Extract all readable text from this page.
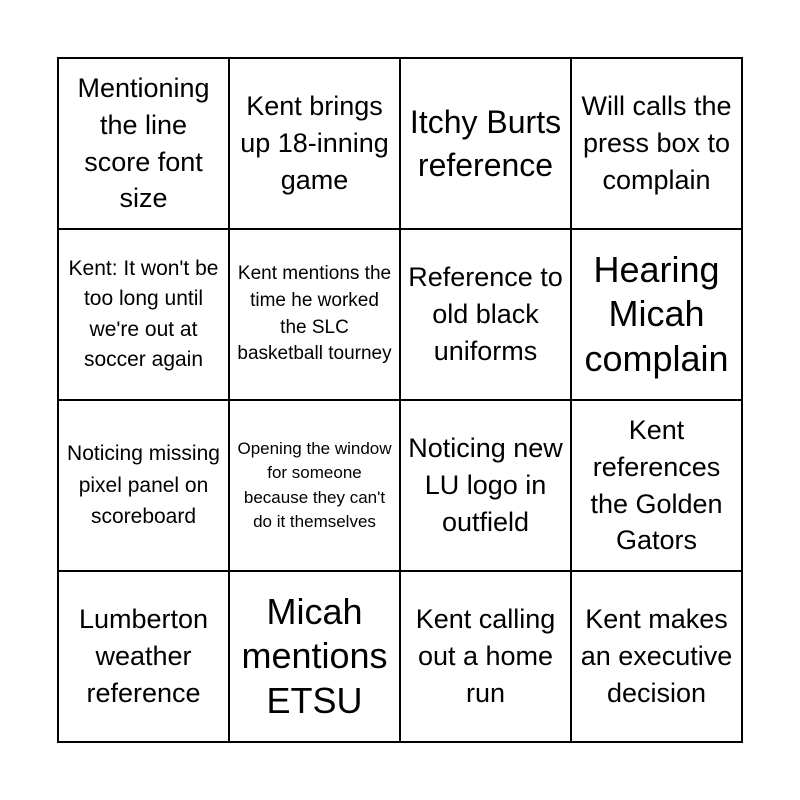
Mentioning the line score font size
Kent brings up 18-inning game
Itchy Burts reference
Will calls the press box to complain
Kent: It won't be too long until we're out at soccer again
Kent mentions the time he worked the SLC basketball tourney
Reference to old black uniforms
Hearing Micah complain
Noticing missing pixel panel on scoreboard
Opening the window for someone because they can't do it themselves
Noticing new LU logo in outfield
Kent references the Golden Gators
Lumberton weather reference
Micah mentions ETSU
Kent calling out a home run
Kent makes an executive decision
